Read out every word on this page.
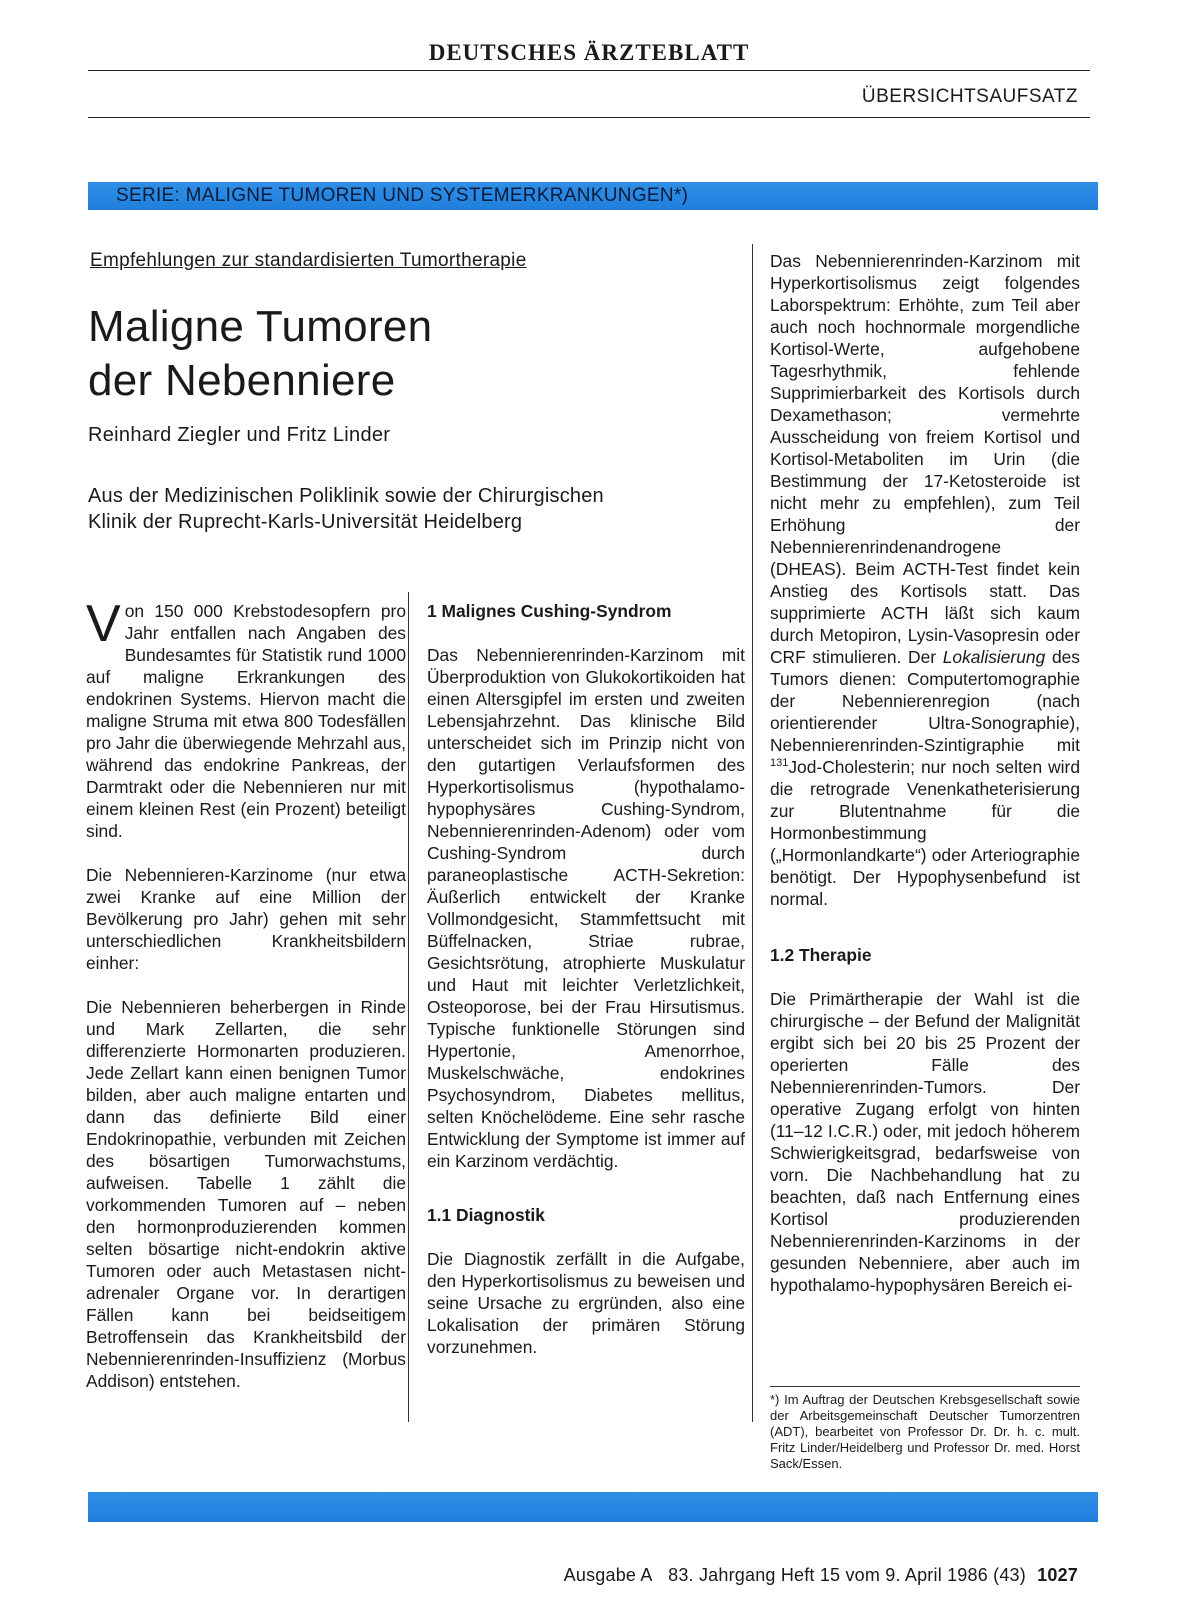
DEUTSCHES ÄRZTEBLATT
ÜBERSICHTSAUFSATZ
SERIE: MALIGNE TUMOREN UND SYSTEMERKRANKUNGEN*)
Empfehlungen zur standardisierten Tumortherapie
Maligne Tumoren
der Nebenniere
Reinhard Ziegler und Fritz Linder
Aus der Medizinischen Poliklinik sowie der Chirurgischen
Klinik der Ruprecht-Karls-Universität Heidelberg

Von 150 000 Krebstodesopfern pro Jahr entfallen nach Angaben des Bundesamtes für Statistik rund 1000 auf maligne Erkrankungen des endokrinen Systems. Hiervon macht die maligne Struma mit etwa 800 Todesfällen pro Jahr die überwiegende Mehrzahl aus, während das endokrine Pankreas, der Darmtrakt oder die Nebennieren nur mit einem kleinen Rest (ein Prozent) beteiligt sind.

Die Nebennieren-Karzinome (nur etwa zwei Kranke auf eine Million der Bevölkerung pro Jahr) gehen mit sehr unterschiedlichen Krankheitsbildern einher:

Die Nebennieren beherbergen in Rinde und Mark Zellarten, die sehr differenzierte Hormonarten produzieren. Jede Zellart kann einen benignen Tumor bilden, aber auch maligne entarten und dann das definierte Bild einer Endokrinopathie, verbunden mit Zeichen des bösartigen Tumorwachstums, aufweisen. Tabelle 1 zählt die vorkommenden Tumoren auf – neben den hormonproduzierenden kommen selten bösartige nicht-endokrin aktive Tumoren oder auch Metastasen nicht-adrenaler Organe vor. In derartigen Fällen kann bei beidseitigem Betroffensein das Krankheitsbild der Nebennierenrinden-Insuffizienz (Morbus Addison) entstehen.

1 Malignes Cushing-Syndrom

Das Nebennierenrinden-Karzinom mit Überproduktion von Glukokortikoiden hat einen Altersgipfel im ersten und zweiten Lebensjahrzehnt. Das klinische Bild unterscheidet sich im Prinzip nicht von den gutartigen Verlaufsformen des Hyperkortisolismus (hypothalamo-hypophysäres Cushing-Syndrom, Nebennierenrinden-Adenom) oder vom Cushing-Syndrom durch paraneoplastische ACTH-Sekretion: Äußerlich entwickelt der Kranke Vollmondgesicht, Stammfettsucht mit Büffelnacken, Striae rubrae, Gesichtsrötung, atrophierte Muskulatur und Haut mit leichter Verletzlichkeit, Osteoporose, bei der Frau Hirsutismus. Typische funktionelle Störungen sind Hypertonie, Amenorrhoe, Muskelschwäche, endokrines Psychosyndrom, Diabetes mellitus, selten Knöchelödeme. Eine sehr rasche Entwicklung der Symptome ist immer auf ein Karzinom verdächtig.

1.1 Diagnostik

Die Diagnostik zerfällt in die Aufgabe, den Hyperkortisolismus zu beweisen und seine Ursache zu ergründen, also eine Lokalisation der primären Störung vorzunehmen.

Das Nebennierenrinden-Karzinom mit Hyperkortisolismus zeigt folgendes Laborspektrum: Erhöhte, zum Teil aber auch noch hochnormale morgendliche Kortisol-Werte, aufgehobene Tagesrhythmik, fehlende Supprimierbarkeit des Kortisols durch Dexamethason; vermehrte Ausscheidung von freiem Kortisol und Kortisol-Metaboliten im Urin (die Bestimmung der 17-Ketosteroide ist nicht mehr zu empfehlen), zum Teil Erhöhung der Nebennierenrindenandrogene (DHEAS). Beim ACTH-Test findet kein Anstieg des Kortisols statt. Das supprimierte ACTH läßt sich kaum durch Metopiron, Lysin-Vasopresin oder CRF stimulieren. Der Lokalisierung des Tumors dienen: Computertomographie der Nebennierenregion (nach orientierender Ultra-Sonographie), Nebennierenrinden-Szintigraphie mit $^{131}$Jod-Cholesterin; nur noch selten wird die retrograde Venenkatheterisierung zur Blutentnahme für die Hormonbestimmung („Hormonlandkarte“) oder Arteriographie benötigt. Der Hypophysenbefund ist normal.

1.2 Therapie

Die Primärtherapie der Wahl ist die chirurgische – der Befund der Malignität ergibt sich bei 20 bis 25 Prozent der operierten Fälle des Nebennierenrinden-Tumors. Der operative Zugang erfolgt von hinten (11–12 I.C.R.) oder, mit jedoch höherem Schwierigkeitsgrad, bedarfsweise von vorn. Die Nachbehandlung hat zu beachten, daß nach Entfernung eines Kortisol produzierenden Nebennierenrinden-Karzinoms in der gesunden Nebenniere, aber auch im hypothalamo-hypophysären Bereich ei-

*) Im Auftrag der Deutschen Krebsgesellschaft sowie der Arbeitsgemeinschaft Deutscher Tumorzentren (ADT), bearbeitet von Professor Dr. Dr. h. c. mult. Fritz Linder/Heidelberg und Professor Dr. med. Horst Sack/Essen.
Ausgabe A 83. Jahrgang Heft 15 vom 9. April 1986 (43) 1027
